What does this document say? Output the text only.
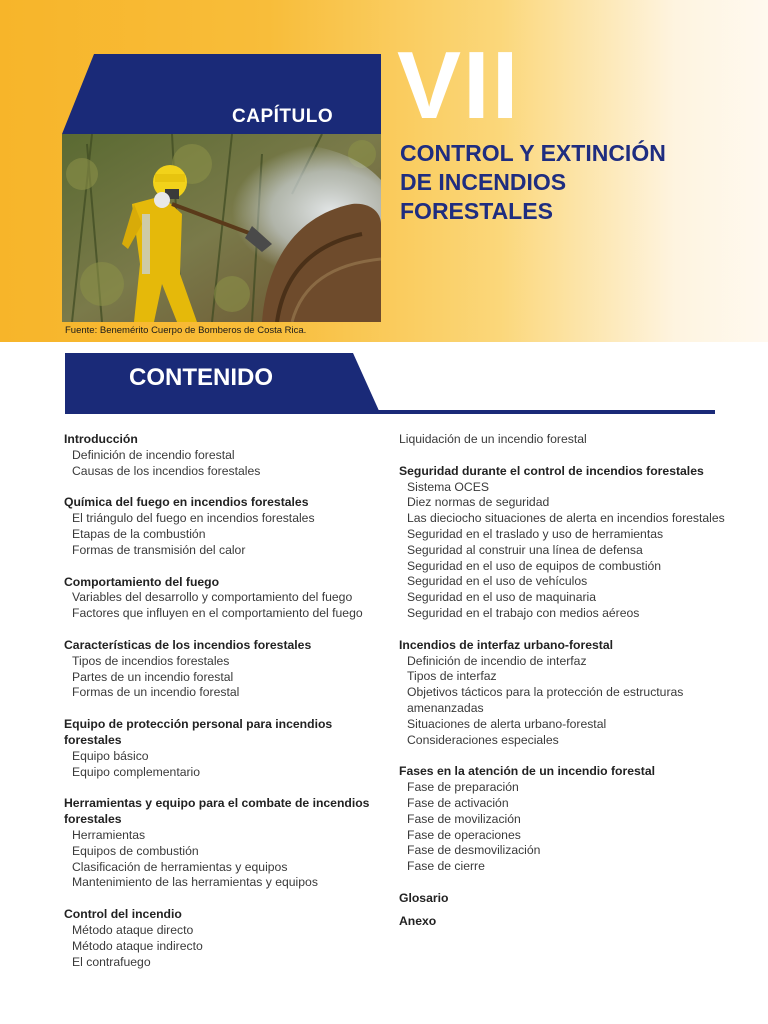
CAPÍTULO VII
CONTROL Y EXTINCIÓN
DE INCENDIOS
FORESTALES
Fuente: Benemérito Cuerpo de Bomberos de Costa Rica.
CONTENIDO
Introducción
Definición de incendio forestal
Causas de los incendios forestales
Química del fuego en incendios forestales
El triángulo del fuego en incendios forestales
Etapas de la combustión
Formas de transmisión del calor
Comportamiento del fuego
Variables del desarrollo y comportamiento del fuego
Factores que influyen en el comportamiento del fuego
Características de los incendios forestales
Tipos de incendios forestales
Partes de un incendio forestal
Formas de un incendio forestal
Equipo de protección personal para incendios forestales
Equipo básico
Equipo complementario
Herramientas y equipo para el combate de incendios forestales
Herramientas
Equipos de combustión
Clasificación de herramientas y equipos
Mantenimiento de las herramientas y equipos
Control del incendio
Método ataque directo
Método ataque indirecto
El contrafuego
Liquidación de un incendio forestal
Seguridad durante el control de incendios forestales
Sistema OCES
Diez normas de seguridad
Las dieciocho situaciones de alerta en incendios forestales
Seguridad en el traslado y uso de herramientas
Seguridad al construir una línea de defensa
Seguridad en el uso de equipos de combustión
Seguridad en el uso de vehículos
Seguridad en el uso de maquinaria
Seguridad en el trabajo con medios aéreos
Incendios de interfaz urbano-forestal
Definición de incendio de interfaz
Tipos de interfaz
Objetivos tácticos para la protección de estructuras amenanzadas
Situaciones de alerta urbano-forestal
Consideraciones especiales
Fases en la atención de un incendio forestal
Fase de preparación
Fase de activación
Fase de movilización
Fase de operaciones
Fase de desmovilización
Fase de cierre
Glosario
Anexo
